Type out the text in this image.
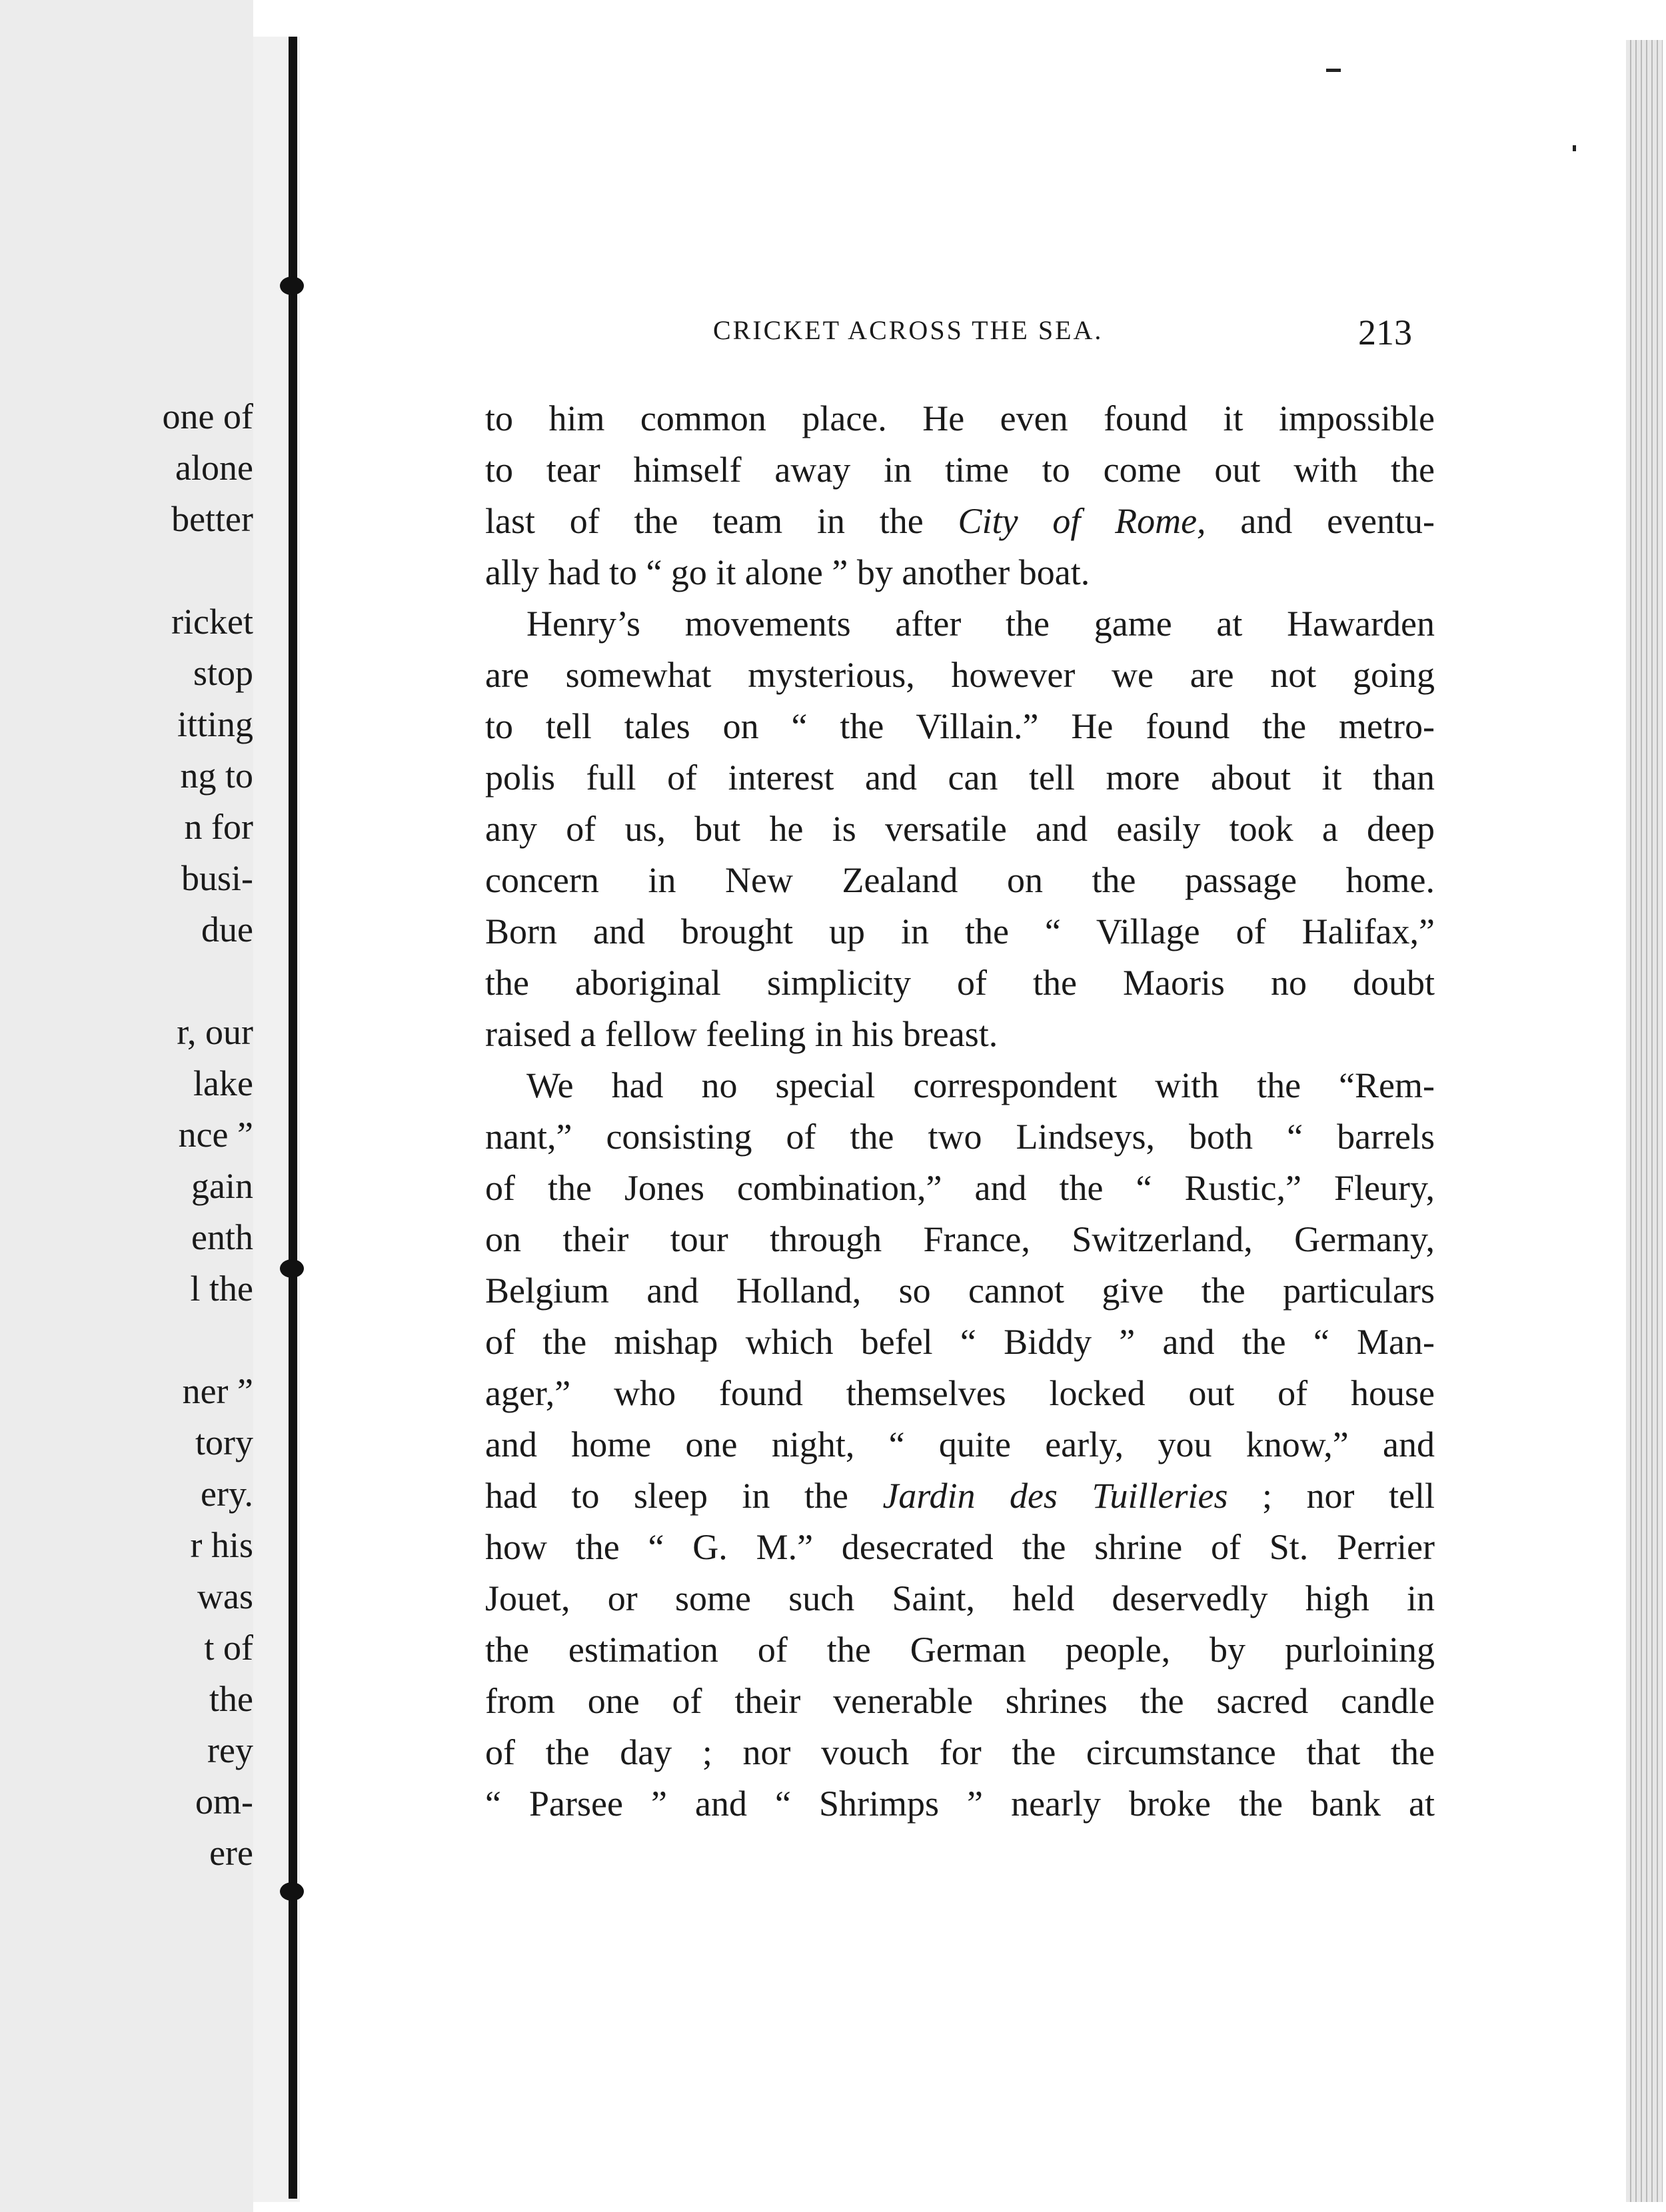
one of
alone
better
ricket
stop
itting
ng to
n for
busi-
due
r, our
lake
nce ”
gain
enth
l the
ner ”
tory
ery.
r his
was
t of
the
rey
om-
ere
CRICKET ACROSS THE SEA.	213
to him common place. He even found it impossible
to tear himself away in time to come out with the
last of the team in the City of Rome, and eventu-
ally had to “ go it alone ” by another boat.
Henry’s movements after the game at Hawarden
are somewhat mysterious, however we are not going
to tell tales on “ the Villain.” He found the metro-
polis full of interest and can tell more about it than
any of us, but he is versatile and easily took a deep
concern in New Zealand on the passage home.
Born and brought up in the “ Village of Halifax,”
the aboriginal simplicity of the Maoris no doubt
raised a fellow feeling in his breast.
We had no special correspondent with the “Rem-
nant,” consisting of the two Lindseys, both “ barrels
of the Jones combination,” and the “ Rustic,” Fleury,
on their tour through France, Switzerland, Germany,
Belgium and Holland, so cannot give the particulars
of the mishap which befel “ Biddy ” and the “ Man-
ager,” who found themselves locked out of house
and home one night, “ quite early, you know,” and
had to sleep in the Jardin des Tuilleries ; nor tell
how the “ G. M.” desecrated the shrine of St. Perrier
Jouet, or some such Saint, held deservedly high in
the estimation of the German people, by purloining
from one of their venerable shrines the sacred candle
of the day ; nor vouch for the circumstance that the
“ Parsee ” and “ Shrimps ” nearly broke the bank at
